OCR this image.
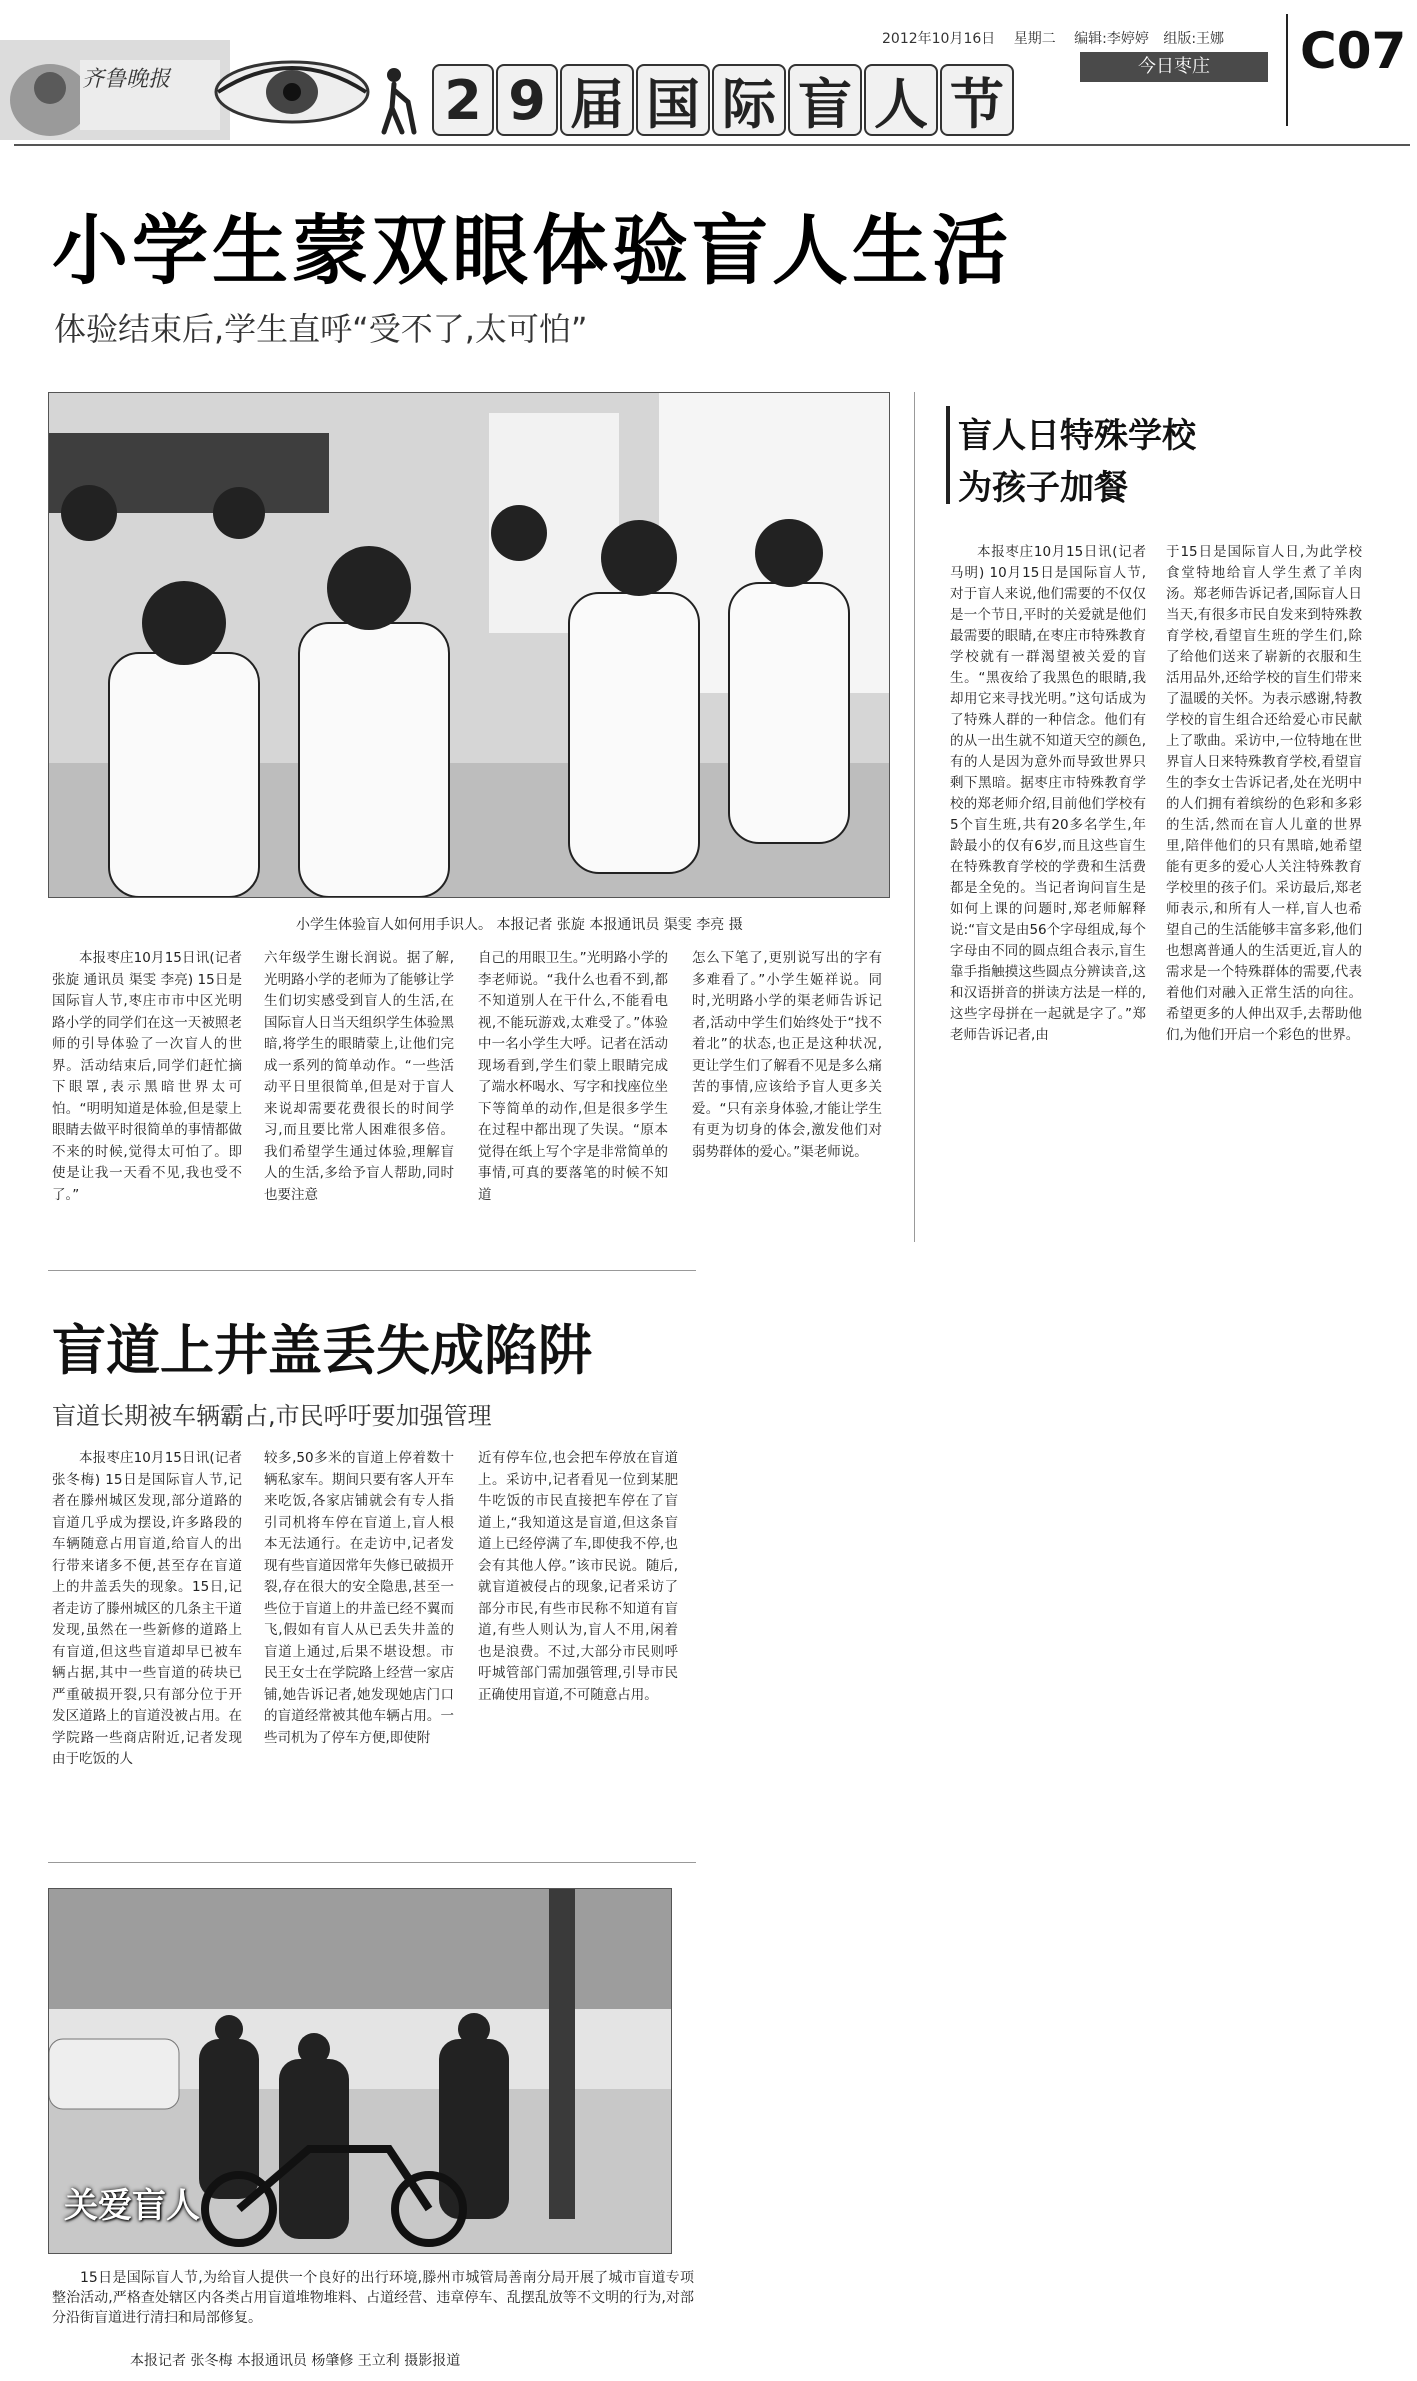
齐鲁晚报	2 9 届 国 际 盲 人 节
2012年10月16日 星期二 编辑:李婷婷 组版:王娜
今日枣庄	C07
小学生蒙双眼体验盲人生活
体验结束后,学生直呼“受不了,太可怕”
小学生体验盲人如何用手识人。 本报记者 张旋 本报通讯员 渠雯 李亮 摄

本报枣庄10月15日讯(记者 张旋 通讯员 渠雯 李亮) 15日是国际盲人节,枣庄市市中区光明路小学的同学们在这一天被照老师的引导体验了一次盲人的世界。活动结束后,同学们赶忙摘下眼罩,表示黑暗世界太可怕。“明明知道是体验,但是蒙上眼睛去做平时很简单的事情都做不来的时候,觉得太可怕了。即使是让我一天看不见,我也受不了。”

六年级学生谢长润说。据了解,光明路小学的老师为了能够让学生们切实感受到盲人的生活,在国际盲人日当天组织学生体验黑暗,将学生的眼睛蒙上,让他们完成一系列的简单动作。“一些活动平日里很简单,但是对于盲人来说却需要花费很长的时间学习,而且要比常人困难很多倍。我们希望学生通过体验,理解盲人的生活,多给予盲人帮助,同时也要注意

自己的用眼卫生。”光明路小学的李老师说。“我什么也看不到,都不知道别人在干什么,不能看电视,不能玩游戏,太难受了。”体验中一名小学生大呼。记者在活动现场看到,学生们蒙上眼睛完成了端水杯喝水、写字和找座位坐下等简单的动作,但是很多学生在过程中都出现了失误。“原本觉得在纸上写个字是非常简单的事情,可真的要落笔的时候不知道

怎么下笔了,更别说写出的字有多难看了。”小学生姬祥说。同时,光明路小学的渠老师告诉记者,活动中学生们始终处于“找不着北”的状态,也正是这种状况,更让学生们了解看不见是多么痛苦的事情,应该给予盲人更多关爱。“只有亲身体验,才能让学生有更为切身的体会,激发他们对弱势群体的爱心。”渠老师说。

盲人日特殊学校
为孩子加餐

本报枣庄10月15日讯(记者 马明) 10月15日是国际盲人节,对于盲人来说,他们需要的不仅仅是一个节日,平时的关爱就是他们最需要的眼睛,在枣庄市特殊教育学校就有一群渴望被关爱的盲生。“黑夜给了我黑色的眼睛,我却用它来寻找光明。”这句话成为了特殊人群的一种信念。他们有的从一出生就不知道天空的颜色,有的人是因为意外而导致世界只剩下黑暗。据枣庄市特殊教育学校的郑老师介绍,目前他们学校有5个盲生班,共有20多名学生,年龄最小的仅有6岁,而且这些盲生在特殊教育学校的学费和生活费都是全免的。当记者询问盲生是如何上课的问题时,郑老师解释说:“盲文是由56个字母组成,每个字母由不同的圆点组合表示,盲生靠手指触摸这些圆点分辨读音,这和汉语拼音的拼读方法是一样的,这些字母拼在一起就是字了。”郑老师告诉记者,由

于15日是国际盲人日,为此学校食堂特地给盲人学生煮了羊肉汤。郑老师告诉记者,国际盲人日当天,有很多市民自发来到特殊教育学校,看望盲生班的学生们,除了给他们送来了崭新的衣服和生活用品外,还给学校的盲生们带来了温暖的关怀。为表示感谢,特教学校的盲生组合还给爱心市民献上了歌曲。采访中,一位特地在世界盲人日来特殊教育学校,看望盲生的李女士告诉记者,处在光明中的人们拥有着缤纷的色彩和多彩的生活,然而在盲人儿童的世界里,陪伴他们的只有黑暗,她希望能有更多的爱心人关注特殊教育学校里的孩子们。采访最后,郑老师表示,和所有人一样,盲人也希望自己的生活能够丰富多彩,他们也想离普通人的生活更近,盲人的需求是一个特殊群体的需要,代表着他们对融入正常生活的向往。希望更多的人伸出双手,去帮助他们,为他们开启一个彩色的世界。

盲道上井盖丢失成陷阱
盲道长期被车辆霸占,市民呼吁要加强管理

本报枣庄10月15日讯(记者 张冬梅) 15日是国际盲人节,记者在滕州城区发现,部分道路的盲道几乎成为摆设,许多路段的车辆随意占用盲道,给盲人的出行带来诸多不便,甚至存在盲道上的井盖丢失的现象。15日,记者走访了滕州城区的几条主干道发现,虽然在一些新修的道路上有盲道,但这些盲道却早已被车辆占据,其中一些盲道的砖块已严重破损开裂,只有部分位于开发区道路上的盲道没被占用。在学院路一些商店附近,记者发现由于吃饭的人

较多,50多米的盲道上停着数十辆私家车。期间只要有客人开车来吃饭,各家店铺就会有专人指引司机将车停在盲道上,盲人根本无法通行。在走访中,记者发现有些盲道因常年失修已破损开裂,存在很大的安全隐患,甚至一些位于盲道上的井盖已经不翼而飞,假如有盲人从已丢失井盖的盲道上通过,后果不堪设想。市民王女士在学院路上经营一家店铺,她告诉记者,她发现她店门口的盲道经常被其他车辆占用。一些司机为了停车方便,即使附

近有停车位,也会把车停放在盲道上。采访中,记者看见一位到某肥牛吃饭的市民直接把车停在了盲道上,“我知道这是盲道,但这条盲道上已经停满了车,即使我不停,也会有其他人停。”该市民说。随后,就盲道被侵占的现象,记者采访了部分市民,有些市民称不知道有盲道,有些人则认为,盲人不用,闲着也是浪费。不过,大部分市民则呼吁城管部门需加强管理,引导市民正确使用盲道,不可随意占用。

关爱盲人
15日是国际盲人节,为给盲人提供一个良好的出行环境,滕州市城管局善南分局开展了城市盲道专项整治活动,严格查处辖区内各类占用盲道堆物堆料、占道经营、违章停车、乱摆乱放等不文明的行为,对部分沿街盲道进行清扫和局部修复。
本报记者 张冬梅 本报通讯员 杨肇修 王立利 摄影报道
